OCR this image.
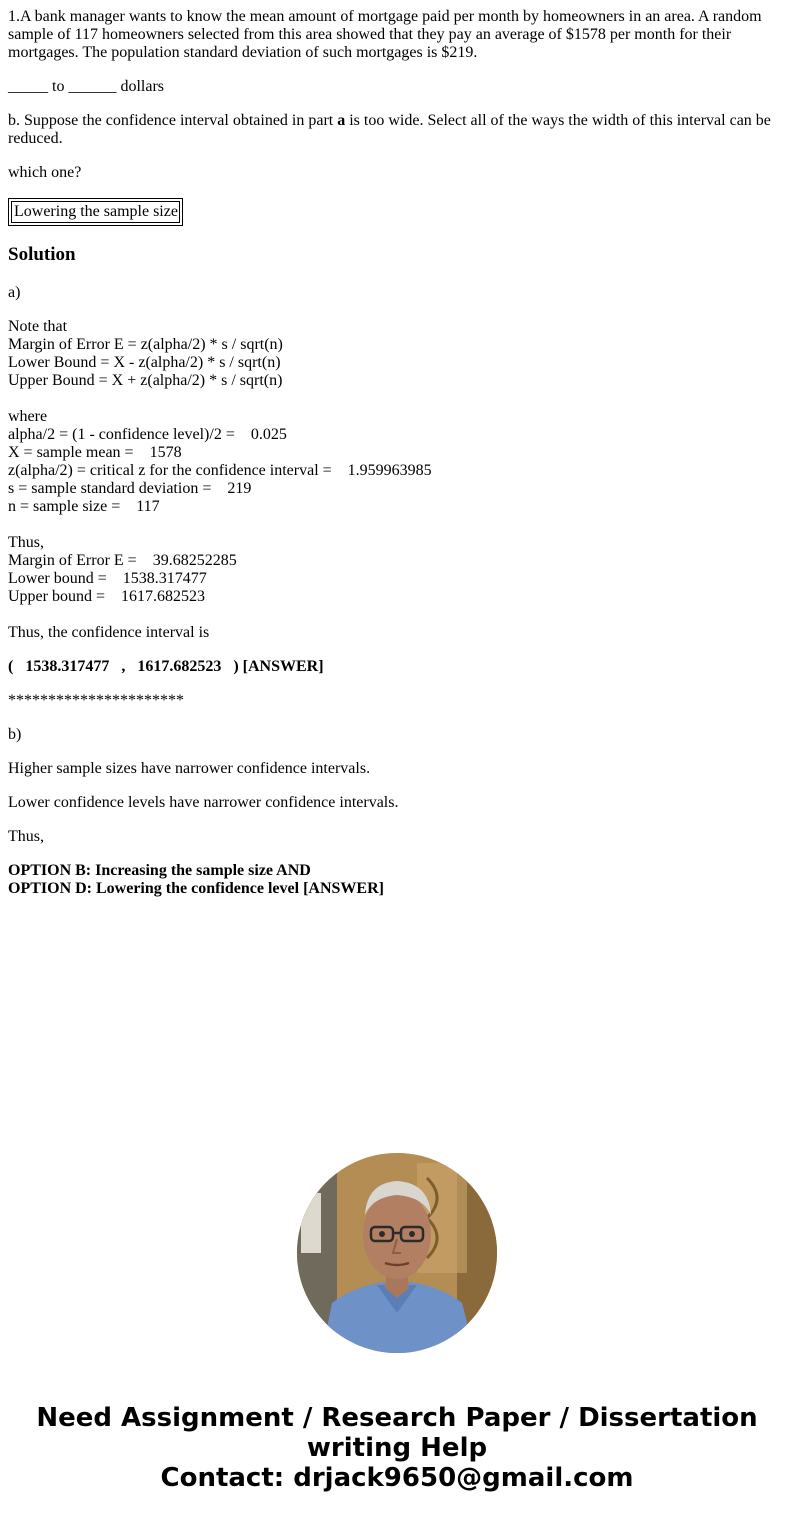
1.A bank manager wants to know the mean amount of mortgage paid per month by homeowners in an area. A random sample of 117 homeowners selected from this area showed that they pay an average of $1578 per month for their mortgages. The population standard deviation of such mortgages is $219.

_____ to ______ dollars

b. Suppose the confidence interval obtained in part a is too wide. Select all of the ways the width of this interval can be reduced.

which one?

Lowering the sample size
Solution

a)

Note that
Margin of Error E = z(alpha/2) * s / sqrt(n)
Lower Bound = X - z(alpha/2) * s / sqrt(n)
Upper Bound = X + z(alpha/2) * s / sqrt(n)
where
alpha/2 = (1 - confidence level)/2 =    0.025
X = sample mean =    1578
z(alpha/2) = critical z for the confidence interval =    1.959963985
s = sample standard deviation =    219
n = sample size =    117
Thus,
Margin of Error E =    39.68252285
Lower bound =    1538.317477
Upper bound =    1617.682523

Thus, the confidence interval is

(   1538.317477   ,   1617.682523   ) [ANSWER]

**********************

b)

Higher sample sizes have narrower confidence intervals.

Lower confidence levels have narrower confidence intervals.

Thus,

OPTION B: Increasing the sample size AND
OPTION D: Lowering the confidence level [ANSWER]
Need Assignment / Research Paper / Dissertation
writing Help
Contact: drjack9650@gmail.com
